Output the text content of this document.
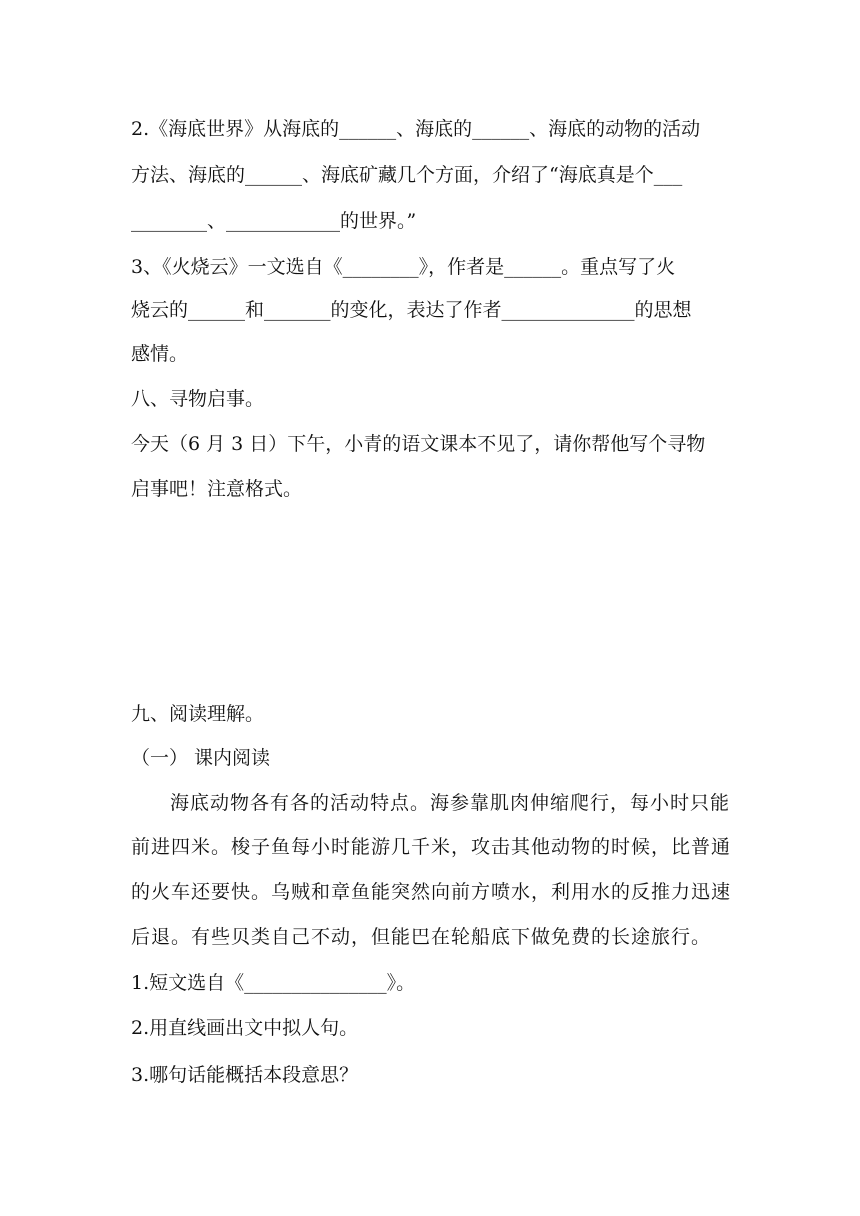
2.《海底世界》从海底的______、海底的______、海底的动物的活动
方法、海底的______、海底矿藏几个方面，介绍了“海底真是个___
________、____________的世界。”
3、《火烧云》一文选自《________》，作者是______。重点写了火
烧云的______和_______的变化，表达了作者______________的思想
感情。
八、寻物启事。
今天（6 月 3 日）下午，小青的语文课本不见了，请你帮他写个寻物
启事吧！注意格式。
九、阅读理解。
（一） 课内阅读
海底动物各有各的活动特点。海参靠肌肉伸缩爬行，每小时只能
前进四米。梭子鱼每小时能游几千米，攻击其他动物的时候，比普通
的火车还要快。乌贼和章鱼能突然向前方喷水，利用水的反推力迅速
后退。有些贝类自己不动，但能巴在轮船底下做免费的长途旅行。
1.短文选自《_______________》。
2.用直线画出文中拟人句。
3.哪句话能概括本段意思？
